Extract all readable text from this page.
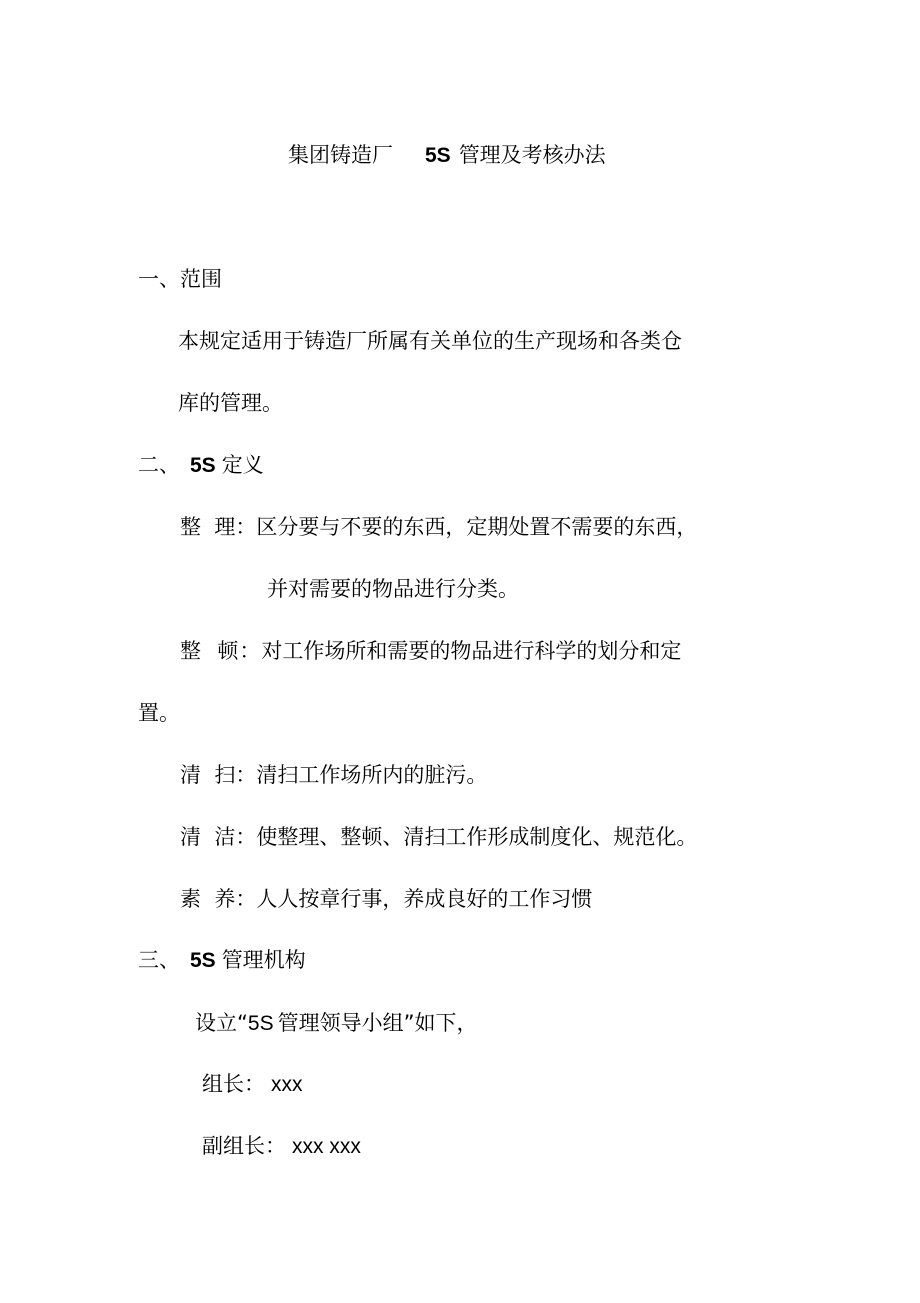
集团铸造厂 5S 管理及考核办法
一、范围
本规定适用于铸造厂所属有关单位的生产现场和各类仓
库的管理。
二、 5S 定义
整  理：区分要与不要的东西，定期处置不需要的东西，
并对需要的物品进行分类。
整  顿：对工作场所和需要的物品进行科学的划分和定
置。
清  扫：清扫工作场所内的脏污。
清  洁：使整理、整顿、清扫工作形成制度化、规范化。
素  养：人人按章行事，养成良好的工作习惯
三、 5S 管理机构
设立“5S 管理领导小组”如下，
组长： xxx
副组长： xxx xxx
